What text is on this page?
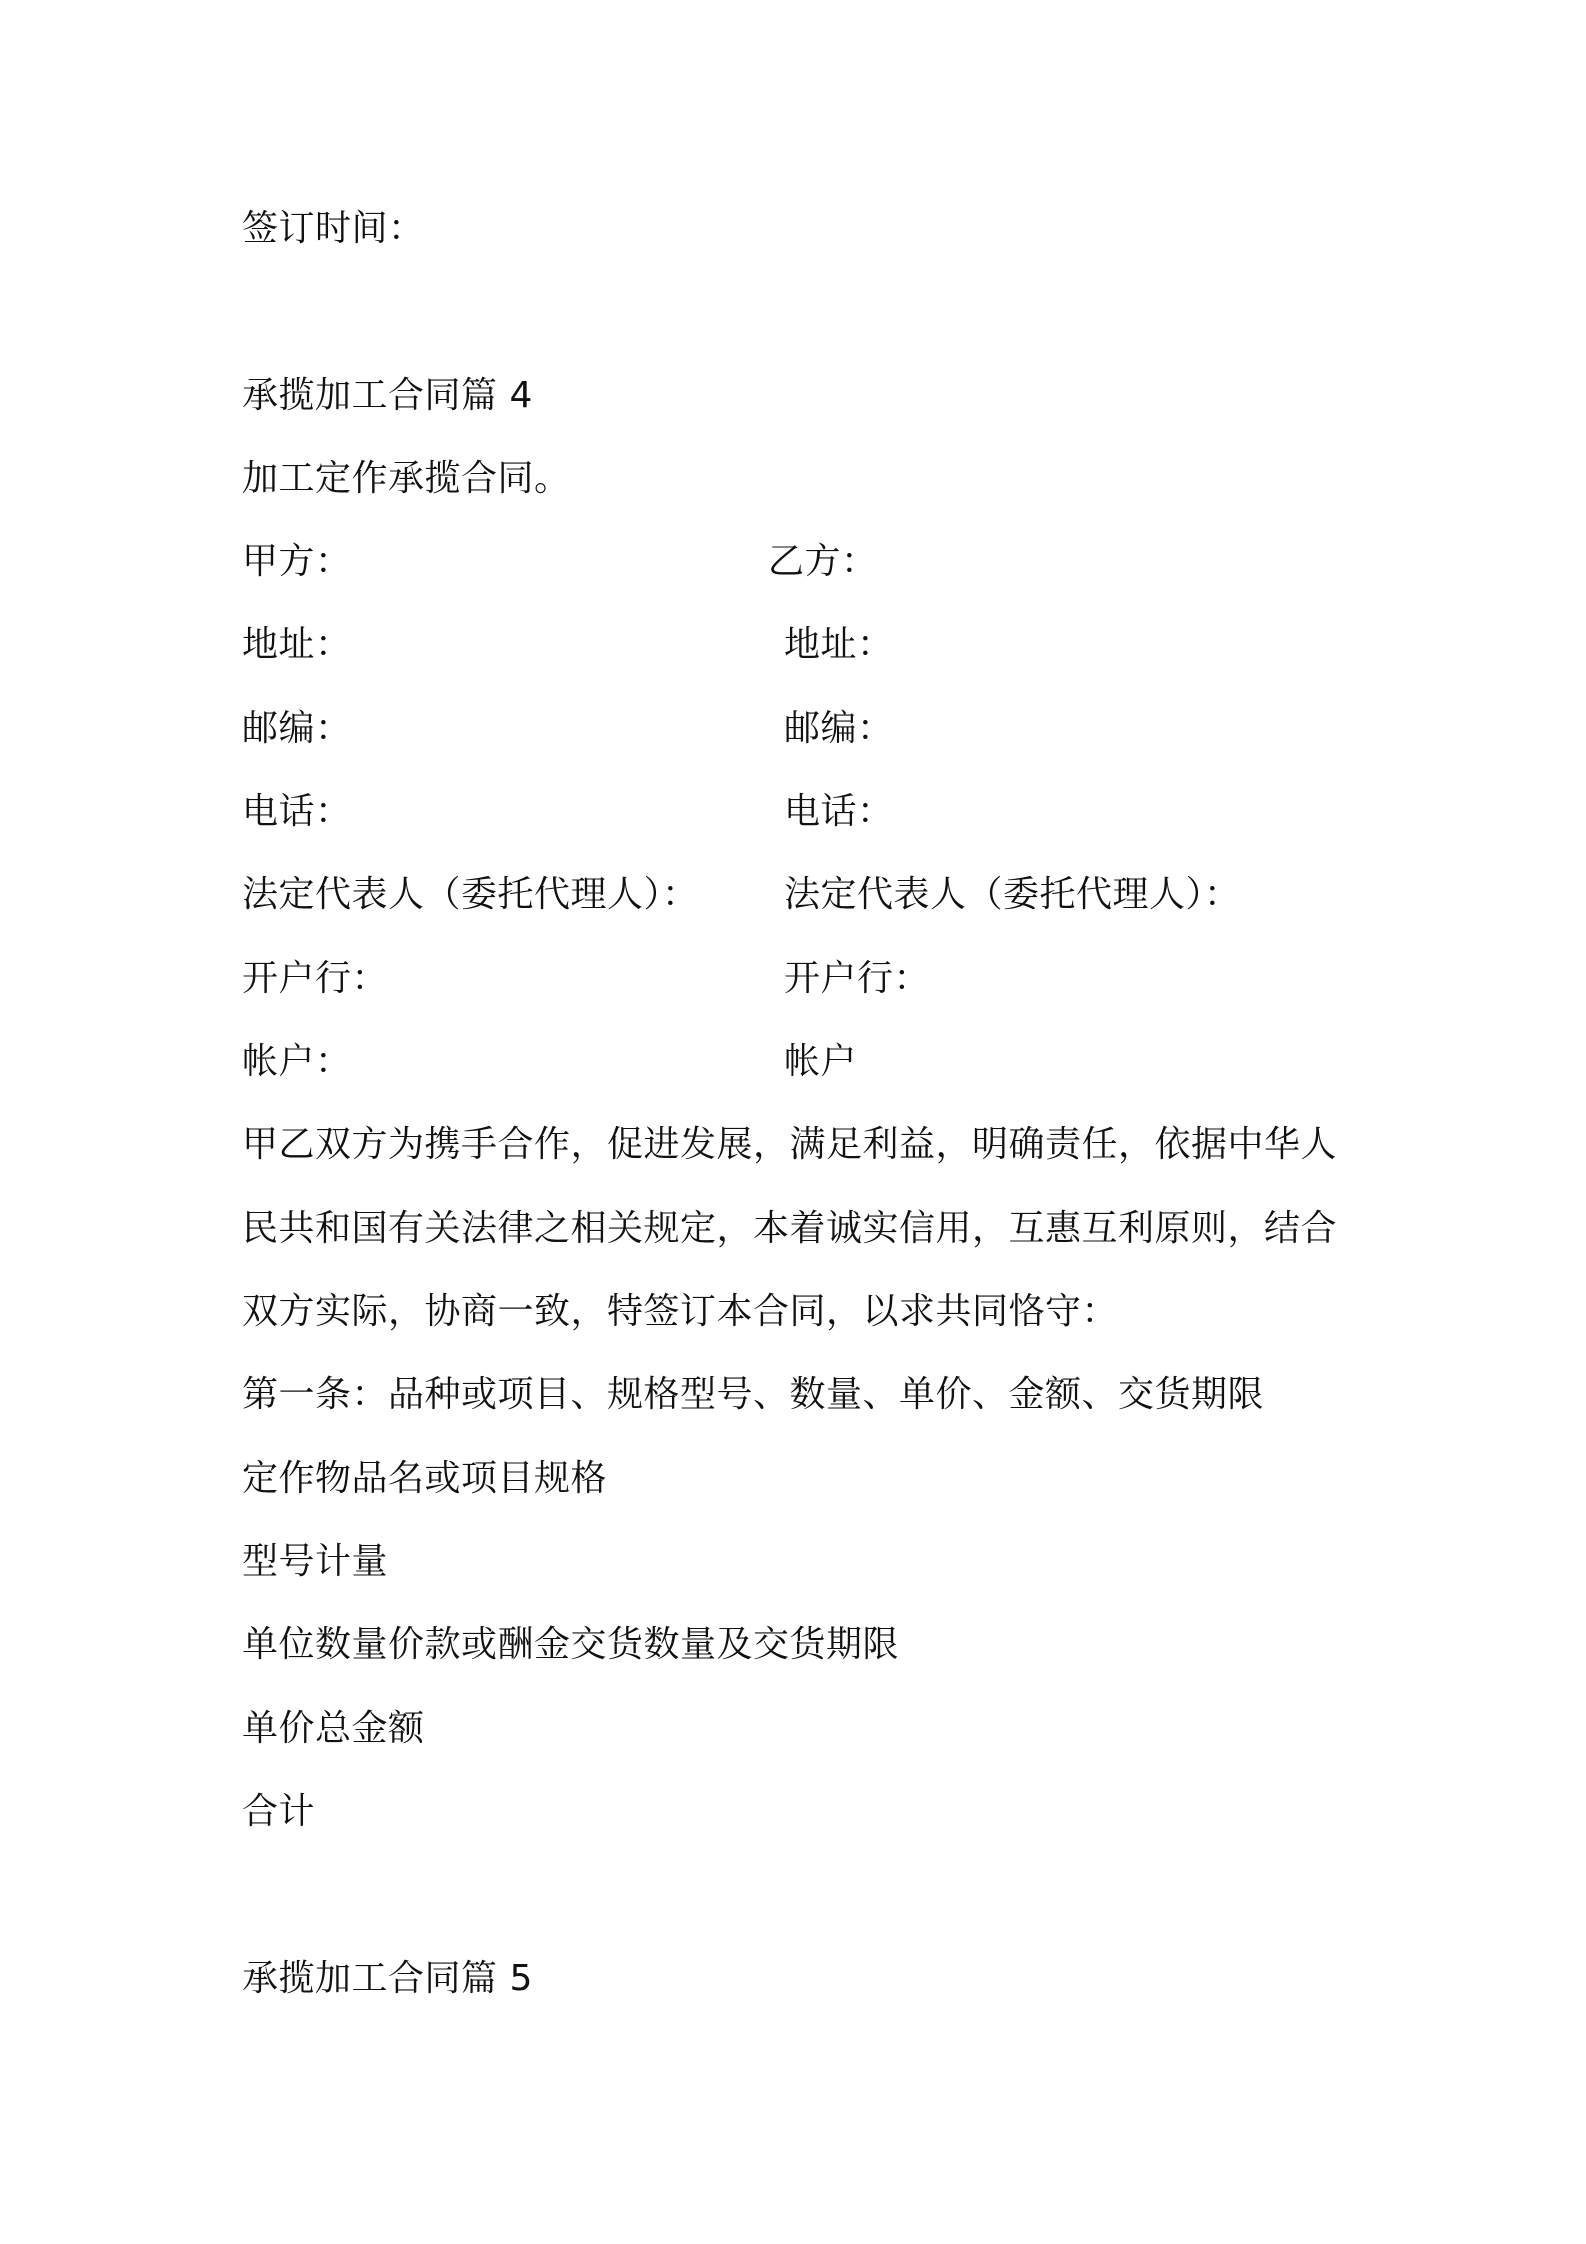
签订时间：
承揽加工合同篇 4
加工定作承揽合同。
甲方：	乙方：
地址：	地址：
邮编：	邮编：
电话：	电话：
法定代表人（委托代理人）： 法定代表人（委托代理人）：
开户行：	开户行：
帐户：	帐户
甲乙双方为携手合作，促进发展，满足利益，明确责任，依据中华人
民共和国有关法律之相关规定，本着诚实信用，互惠互利原则，结合
双方实际，协商一致，特签订本合同，以求共同恪守：
第一条：品种或项目、规格型号、数量、单价、金额、交货期限
定作物品名或项目规格
型号计量
单位数量价款或酬金交货数量及交货期限
单价总金额
合计
承揽加工合同篇 5
